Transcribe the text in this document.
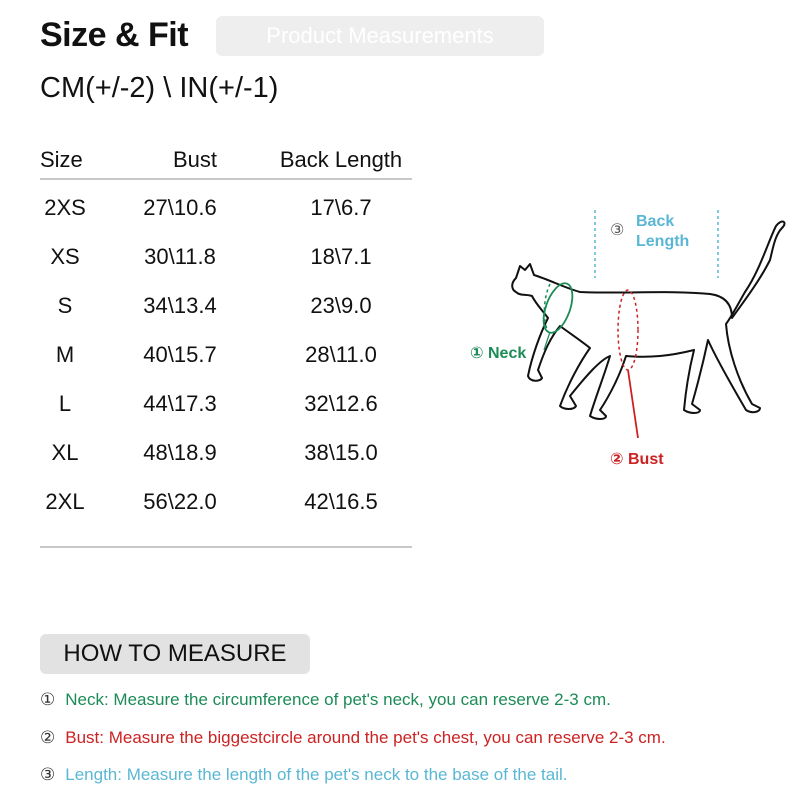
Size & Fit	Product Measurements
CM(+/-2) \ IN(+/-1)
Size	Bust	Back Length
2XS	27\10.6	17\6.7
XS	30\11.8	18\7.1
S	34\13.4	23\9.0
M	40\15.7	28\11.0
L	44\17.3	32\12.6
XL	48\18.9	38\15.0
2XL	56\22.0	42\16.5
③
Back
Length
① Neck
② Bust
HOW TO MEASURE
① Neck: Measure the circumference of pet's neck, you can reserve 2-3 cm.
② Bust: Measure the biggestcircle around the pet's chest, you can reserve 2-3 cm.
③ Length: Measure the length of the pet's neck to the base of the tail.
